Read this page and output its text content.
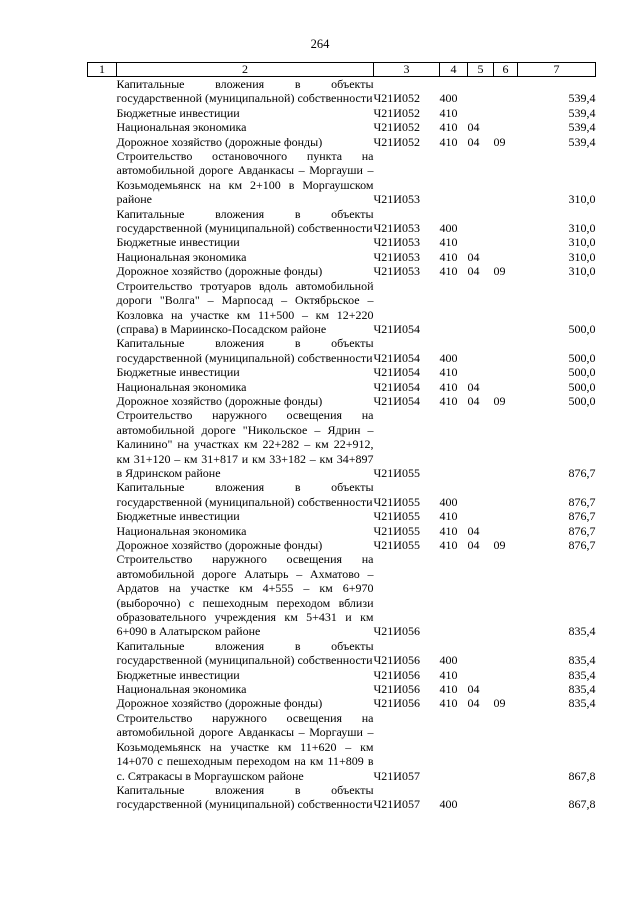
264
1	2	3	4	5	6	7
	Капитальные вложения в объекты государственной (муниципальной) собственности	Ч21И052	400			539,4
	Бюджетные инвестиции	Ч21И052	410			539,4
	Национальная экономика	Ч21И052	410	04		539,4
	Дорожное хозяйство (дорожные фонды)	Ч21И052	410	04	09	539,4
	Строительство остановочного пункта на автомобильной дороге Авданкасы – Моргауши – Козьмодемьянск на км 2+100 в Моргаушском районе	Ч21И053				310,0
	Капитальные вложения в объекты государственной (муниципальной) собственности	Ч21И053	400			310,0
	Бюджетные инвестиции	Ч21И053	410			310,0
	Национальная экономика	Ч21И053	410	04		310,0
	Дорожное хозяйство (дорожные фонды)	Ч21И053	410	04	09	310,0
	Строительство тротуаров вдоль автомобильной дороги "Волга" – Марпосад – Октябрьское – Козловка на участке км 11+500 – км 12+220 (справа) в Мариинско-Посадском районе	Ч21И054				500,0
	Капитальные вложения в объекты государственной (муниципальной) собственности	Ч21И054	400			500,0
	Бюджетные инвестиции	Ч21И054	410			500,0
	Национальная экономика	Ч21И054	410	04		500,0
	Дорожное хозяйство (дорожные фонды)	Ч21И054	410	04	09	500,0
	Строительство наружного освещения на автомобильной дороге "Никольское – Ядрин – Калинино" на участках км 22+282 – км 22+912, км 31+120 – км 31+817 и км 33+182 – км 34+897 в Ядринском районе	Ч21И055				876,7
	Капитальные вложения в объекты государственной (муниципальной) собственности	Ч21И055	400			876,7
	Бюджетные инвестиции	Ч21И055	410			876,7
	Национальная экономика	Ч21И055	410	04		876,7
	Дорожное хозяйство (дорожные фонды)	Ч21И055	410	04	09	876,7
	Строительство наружного освещения на автомобильной дороге Алатырь – Ахматово – Ардатов на участке км 4+555 – км 6+970 (выборочно) с пешеходным переходом вблизи образовательного учреждения км 5+431 и км 6+090 в Алатырском районе	Ч21И056				835,4
	Капитальные вложения в объекты государственной (муниципальной) собственности	Ч21И056	400			835,4
	Бюджетные инвестиции	Ч21И056	410			835,4
	Национальная экономика	Ч21И056	410	04		835,4
	Дорожное хозяйство (дорожные фонды)	Ч21И056	410	04	09	835,4
	Строительство наружного освещения на автомобильной дороге Авданкасы – Моргауши – Козьмодемьянск на участке км 11+620 – км 14+070 с пешеходным переходом на км 11+809 в с. Сятракасы в Моргаушском районе	Ч21И057				867,8
	Капитальные вложения в объекты государственной (муниципальной) собственности	Ч21И057	400			867,8
